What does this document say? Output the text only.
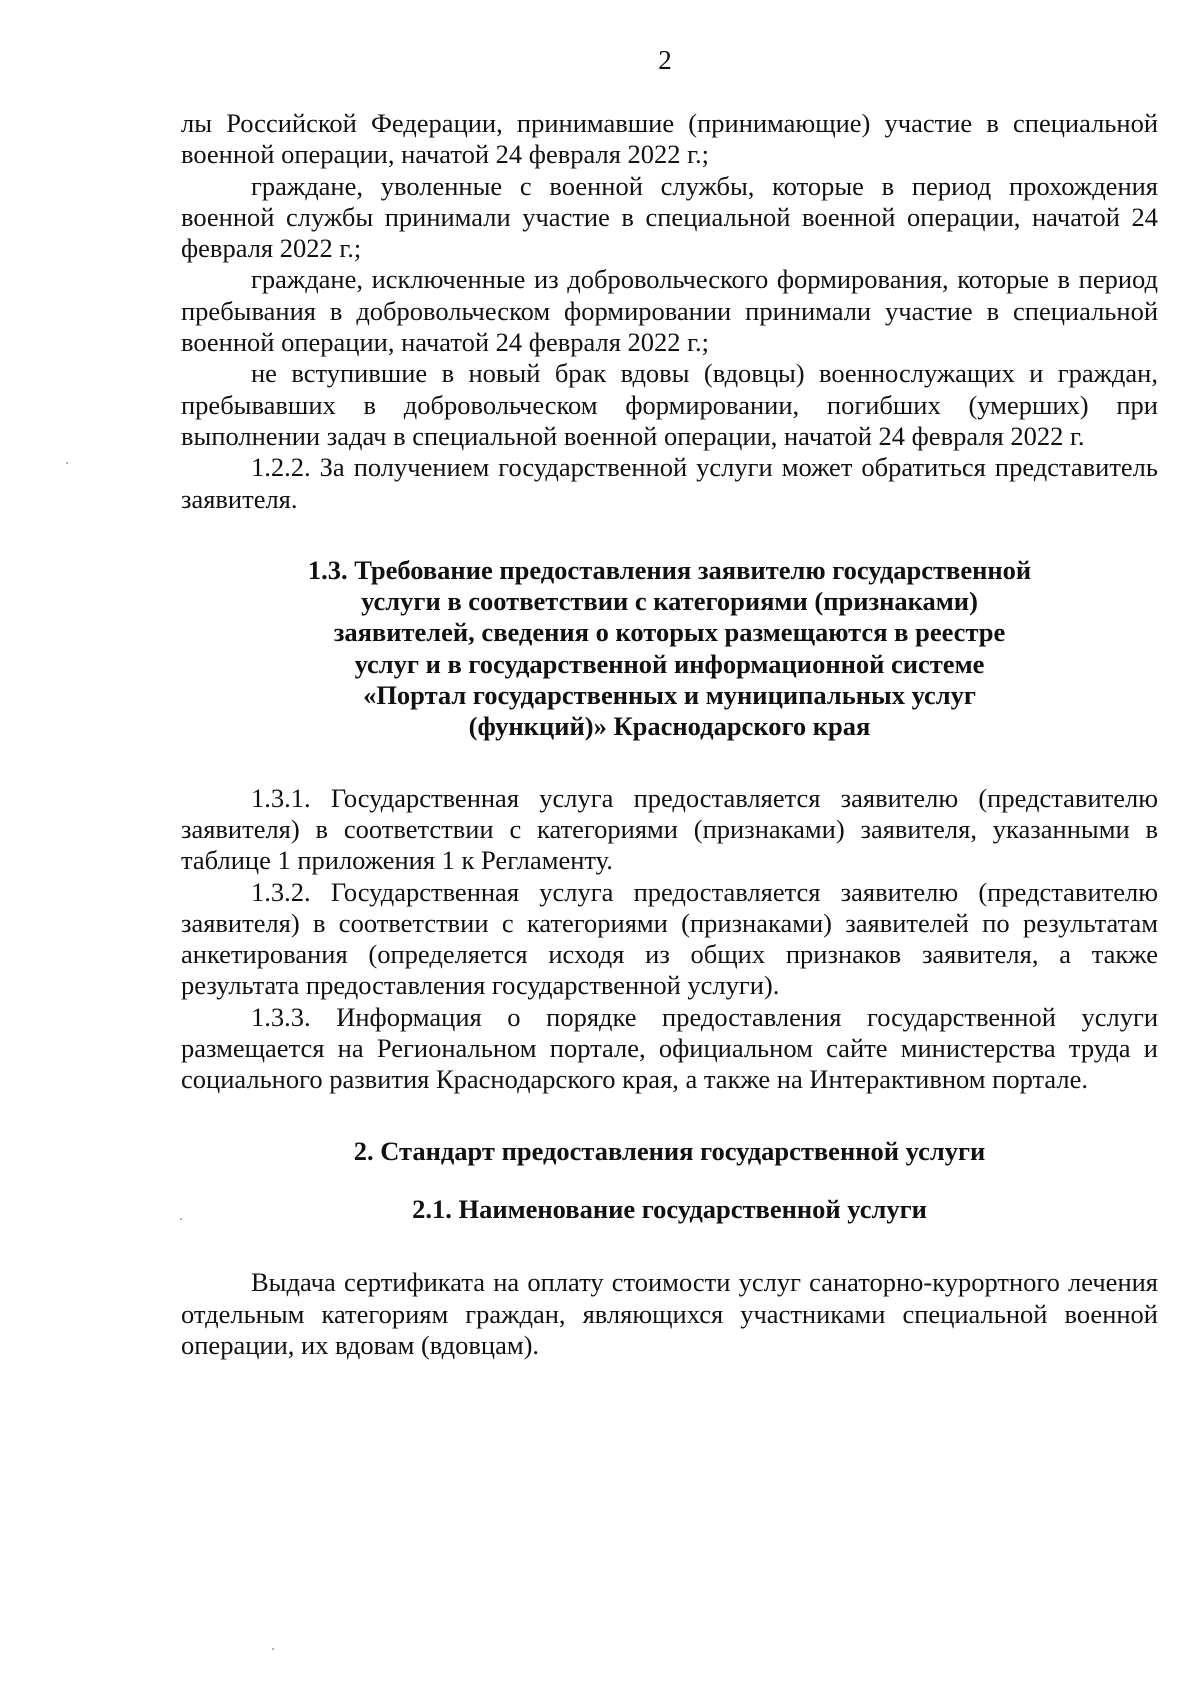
2

лы Российской Федерации, принимавшие (принимающие) участие в специальной военной операции, начатой 24 февраля 2022 г.;

граждане, уволенные с военной службы, которые в период прохождения военной службы принимали участие в специальной военной операции, начатой 24 февраля 2022 г.;

граждане, исключенные из добровольческого формирования, которые в период пребывания в добровольческом формировании принимали участие в специальной военной операции, начатой 24 февраля 2022 г.;

не вступившие в новый брак вдовы (вдовцы) военнослужащих и граждан, пребывавших в добровольческом формировании, погибших (умерших) при выполнении задач в специальной военной операции, начатой 24 февраля 2022 г.

1.2.2. За получением государственной услуги может обратиться представитель заявителя.

1.3. Требование предоставления заявителю государственной
услуги в соответствии с категориями (признаками)
заявителей, сведения о которых размещаются в реестре
услуг и в государственной информационной системе
«Портал государственных и муниципальных услуг
(функций)» Краснодарского края

1.3.1. Государственная услуга предоставляется заявителю (представителю заявителя) в соответствии с категориями (признаками) заявителя, указанными в таблице 1 приложения 1 к Регламенту.

1.3.2. Государственная услуга предоставляется заявителю (представителю заявителя) в соответствии с категориями (признаками) заявителей по результатам анкетирования (определяется исходя из общих признаков заявителя, а также результата предоставления государственной услуги).

1.3.3. Информация о порядке предоставления государственной услуги размещается на Региональном портале, официальном сайте министерства труда и социального развития Краснодарского края, а также на Интерактивном портале.

2. Стандарт предоставления государственной услуги
2.1. Наименование государственной услуги

Выдача сертификата на оплату стоимости услуг санаторно-курортного лечения отдельным категориям граждан, являющихся участниками специальной военной операции, их вдовам (вдовцам).
